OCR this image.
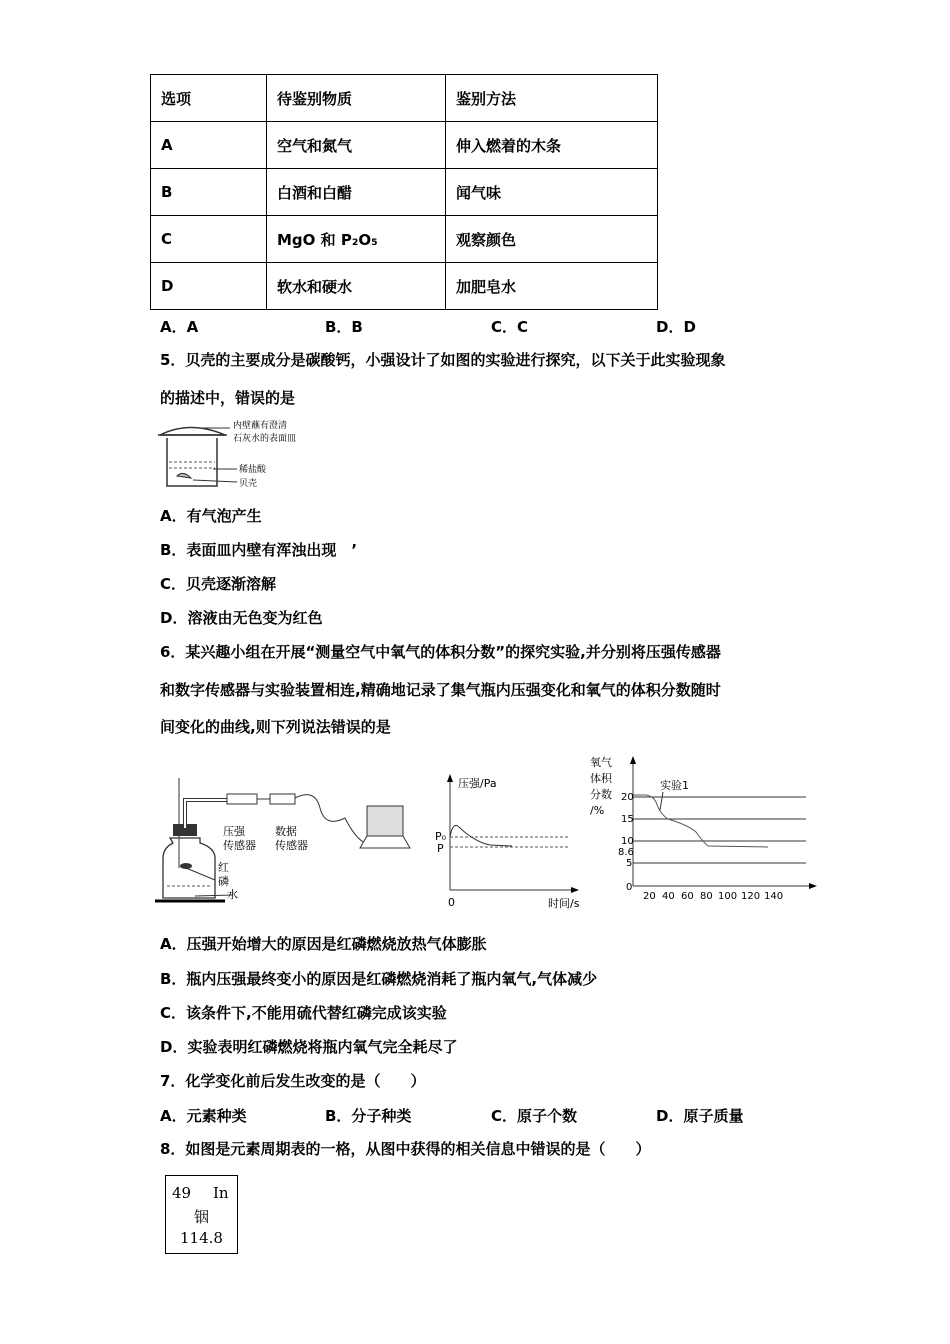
选项	待鉴别物质	鉴别方法
A	空气和氮气	伸入燃着的木条
B	白酒和白醋	闻气味
C	MgO 和 P₂O₅	观察颜色
D	软水和硬水	加肥皂水
A．A	B．B	C．C	D．D
5．贝壳的主要成分是碳酸钙，小强设计了如图的实验进行探究，以下关于此实验现象
的描述中，错误的是
内壁蘸有澄清
石灰水的表面皿
稀盐酸
贝壳
A．有气泡产生
B．表面皿内壁有浑浊出现　’
C．贝壳逐渐溶解
D．溶液由无色变为红色
6．某兴趣小组在开展“测量空气中氧气的体积分数”的探究实验,并分别将压强传感器
和数字传感器与实验装置相连,精确地记录了集气瓶内压强变化和氧气的体积分数随时
间变化的曲线,则下列说法错误的是
压强
传感器
数据
传感器
红
磷
水
压强/Pa
P₀
P
0	时间/s
氧气
体积
分数
/%
实验1
20
15
10
8.6
5
0
20 40 60 80 100 120 140
A．压强开始增大的原因是红磷燃烧放热气体膨胀
B．瓶内压强最终变小的原因是红磷燃烧消耗了瓶内氧气,气体减少
C．该条件下,不能用硫代替红磷完成该实验
D．实验表明红磷燃烧将瓶内氧气完全耗尽了
7．化学变化前后发生改变的是（　　）
A．元素种类	B．分子种类	C．原子个数	D．原子质量
8．如图是元素周期表的一格，从图中获得的相关信息中错误的是（　　）
49 In
铟
114.8
